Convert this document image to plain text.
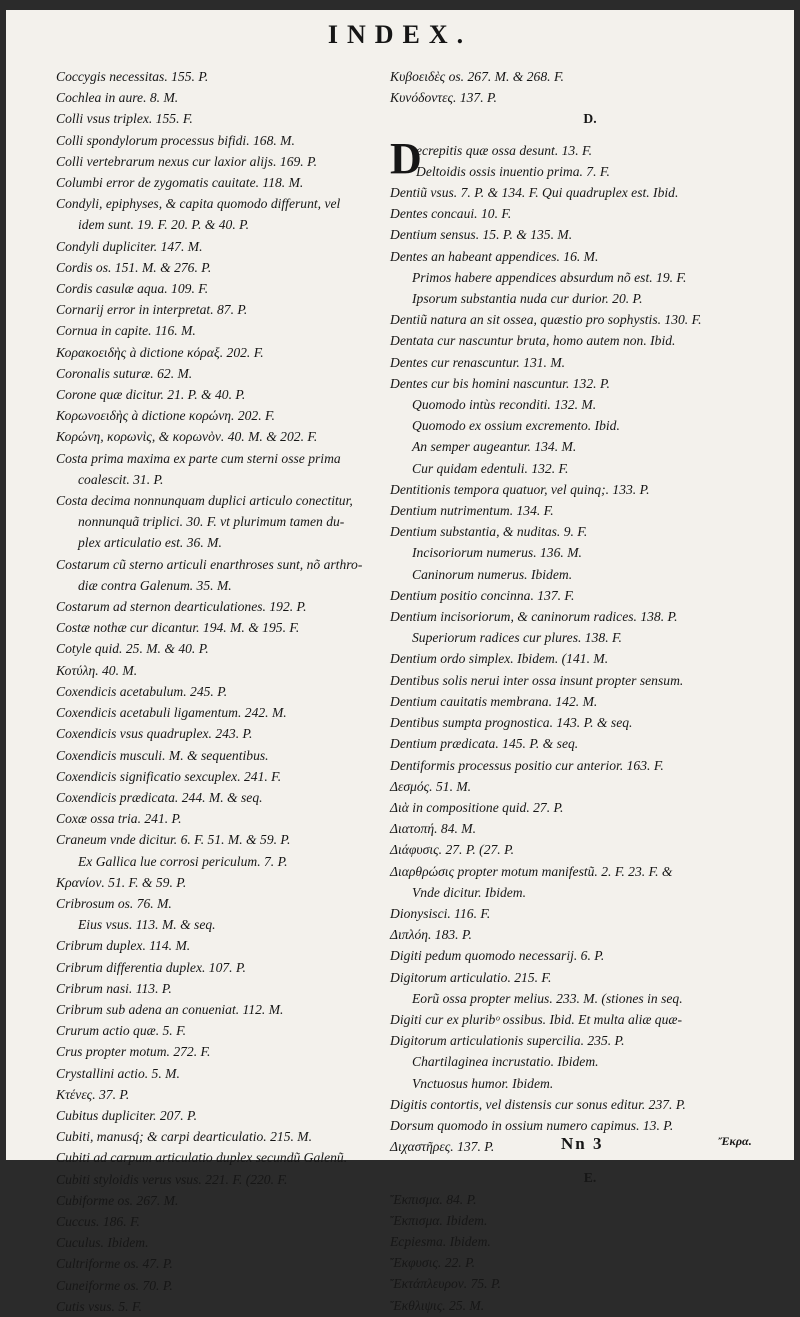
INDEX.
Coccygis necessitas. 155. P.
Cochlea in aure. 8. M.
Colli vsus triplex. 155. F.
Colli spondylorum processus bifidi. 168. M.
Colli vertebrarum nexus cur laxior alijs. 169. P.
Columbi error de zygomatis cauitate. 118. M.
Condyli, epiphyses, & capita quomodo differunt, vel
idem sunt. 19. F. 20. P. & 40. P.
Condyli dupliciter. 147. M.
Cordis os. 151. M. & 276. P.
Cordis casulæ aqua. 109. F.
Cornarij error in interpretat. 87. P.
Cornua in capite. 116. M.
Κορακοειδὴς à dictione κόραξ. 202. F.
Coronalis suturæ. 62. M.
Corone quæ dicitur. 21. P. & 40. P.
Κορωνοειδὴς à dictione κορώνη. 202. F.
Κορώνη, κορωνὶς, & κορωνὸν. 40. M. & 202. F.
Costa prima maxima ex parte cum sterni osse prima
coalescit. 31. P.
Costa decima nonnunquam duplici articulo conectitur,
nonnunquã triplici. 30. F. vt plurimum tamen du-
plex articulatio est. 36. M.
Costarum cũ sterno articuli enarthroses sunt, nõ arthro-
diæ contra Galenum. 35. M.
Costarum ad sternon dearticulationes. 192. P.
Costæ nothæ cur dicantur. 194. M. & 195. F.
Cotyle quid. 25. M. & 40. P.
Κοτύλη. 40. M.
Coxendicis acetabulum. 245. P.
Coxendicis acetabuli ligamentum. 242. M.
Coxendicis vsus quadruplex. 243. P.
Coxendicis musculi. M. & sequentibus.
Coxendicis significatio sexcuplex. 241. F.
Coxendicis prædicata. 244. M. & seq.
Coxæ ossa tria. 241. P.
Craneum vnde dicitur. 6. F. 51. M. & 59. P.
Ex Gallica lue corrosi periculum. 7. P.
Κρανίον. 51. F. & 59. P.
Cribrosum os. 76. M.
Eius vsus. 113. M. & seq.
Cribrum duplex. 114. M.
Cribrum differentia duplex. 107. P.
Cribrum nasi. 113. P.
Cribrum sub adena an conueniat. 112. M.
Crurum actio quæ. 5. F.
Crus propter motum. 272. F.
Crystallini actio. 5. M.
Κτένες. 37. P.
Cubitus dupliciter. 207. P.
Cubiti, manusq́; & carpi dearticulatio. 215. M.
Cubiti ad carpum articulatio duplex secundũ Galenũ.
Cubiti styloidis verus vsus. 221. F. (220. F.
Cubiforme os. 267. M.
Cuccus. 186. F.
Cuculus. Ibidem.
Cultriforme os. 47. P.
Cuneiforme os. 70. P.
Cutis vsus. 5. F.
Κυβοειδὲς os. 267. M. & 268. F.
Κυνόδοντες. 137. P.
D.
D
ecrepitis quæ ossa desunt. 13. F.
Deltoidis ossis inuentio prima. 7. F.
Dentiũ vsus. 7. P. & 134. F. Qui quadruplex est. Ibid.
Dentes concaui. 10. F.
Dentium sensus. 15. P. & 135. M.
Dentes an habeant appendices. 16. M.
Primos habere appendices absurdum nõ est. 19. F.
Ipsorum substantia nuda cur durior. 20. P.
Dentiũ natura an sit ossea, quæstio pro sophystis. 130. F.
Dentata cur nascuntur bruta, homo autem non. Ibid.
Dentes cur renascuntur. 131. M.
Dentes cur bis homini nascuntur. 132. P.
Quomodo intùs reconditi. 132. M.
Quomodo ex ossium excremento. Ibid.
An semper augeantur. 134. M.
Cur quidam edentuli. 132. F.
Dentitionis tempora quatuor, vel quinq;. 133. P.
Dentium nutrimentum. 134. F.
Dentium substantia, & nuditas. 9. F.
Incisoriorum numerus. 136. M.
Caninorum numerus. Ibidem.
Dentium positio concinna. 137. F.
Dentium incisoriorum, & caninorum radices. 138. P.
Superiorum radices cur plures. 138. F.
Dentium ordo simplex. Ibidem. (141. M.
Dentibus solis nerui inter ossa insunt propter sensum.
Dentium cauitatis membrana. 142. M.
Dentibus sumpta prognostica. 143. P. & seq.
Dentium prædicata. 145. P. & seq.
Dentiformis processus positio cur anterior. 163. F.
Δεσμός. 51. M.
Διὰ in compositione quid. 27. P.
Διατοπή. 84. M.
Διάφυσις. 27. P. (27. P.
Διαρθρώσις propter motum manifestũ. 2. F. 23. F. &
Vnde dicitur. Ibidem.
Dionysisci. 116. F.
Διπλόη. 183. P.
Digiti pedum quomodo necessarij. 6. P.
Digitorum articulatio. 215. F.
Eorũ ossa propter melius. 233. M. (stiones in seq.
Digiti cur ex pluribᵒ ossibus. Ibid. Et multa aliæ quæ-
Digitorum articulationis supercilia. 235. P.
Chartilaginea incrustatio. Ibidem.
Vnctuosus humor. Ibidem.
Digitis contortis, vel distensis cur sonus editur. 237. P.
Dorsum quomodo in ossium numero capimus. 13. P.
Διχαστῆρες. 137. P.
E.
Ἔκπισμα. 84. P.
Ἔκπισμα. Ibidem.
Ecpiesma. Ibidem.
Ἔκφυσις. 22. P.
Ἔκτάπλευρον. 75. P.
Ἔκθλιψις. 25. M.
Nn 3	Ἔκρα.
